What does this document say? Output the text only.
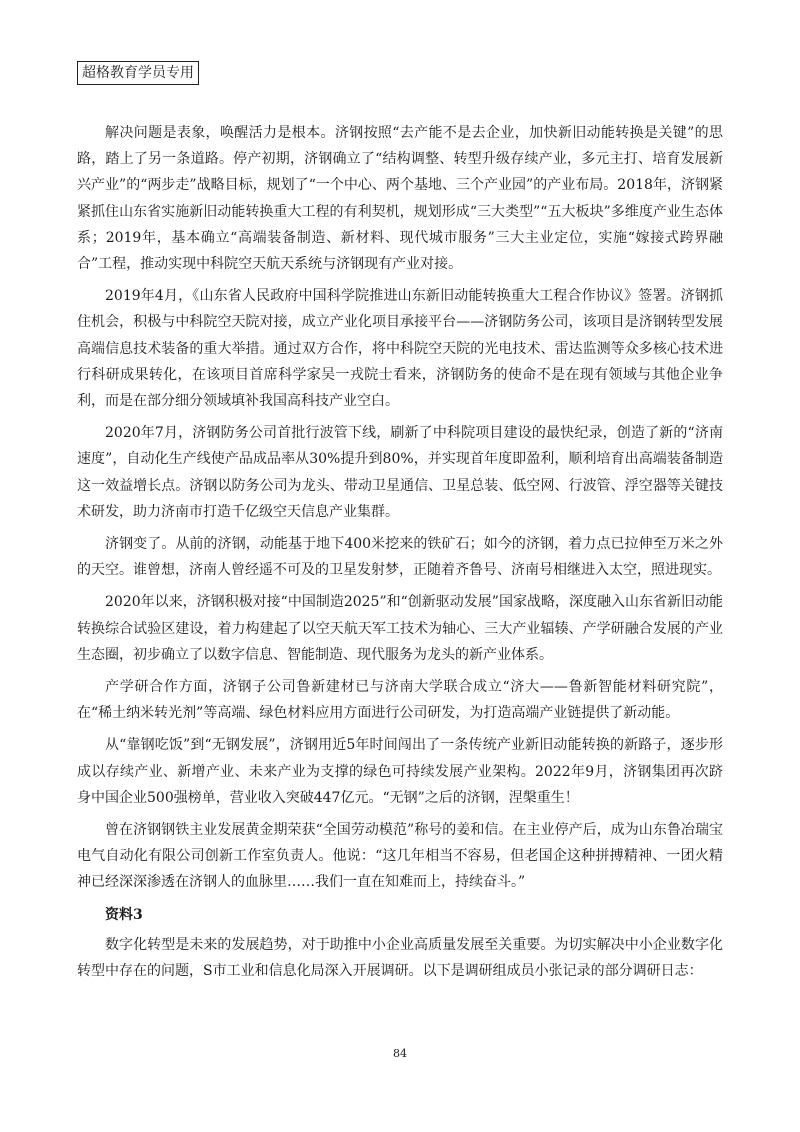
超格教育学员专用

解决问题是表象，唤醒活力是根本。济钢按照“去产能不是去企业，加快新旧动能转换是关键”的思路，踏上了另一条道路。停产初期，济钢确立了“结构调整、转型升级存续产业，多元主打、培育发展新兴产业”的“两步走”战略目标，规划了“一个中心、两个基地、三个产业园”的产业布局。2018年，济钢紧紧抓住山东省实施新旧动能转换重大工程的有利契机，规划形成“三大类型”“五大板块”多维度产业生态体系；2019年，基本确立“高端装备制造、新材料、现代城市服务”三大主业定位，实施“嫁接式跨界融合”工程，推动实现中科院空天航天系统与济钢现有产业对接。

2019年4月，《山东省人民政府中国科学院推进山东新旧动能转换重大工程合作协议》签署。济钢抓住机会，积极与中科院空天院对接，成立产业化项目承接平台——济钢防务公司，该项目是济钢转型发展高端信息技术装备的重大举措。通过双方合作，将中科院空天院的光电技术、雷达监测等众多核心技术进行科研成果转化，在该项目首席科学家吴一戎院士看来，济钢防务的使命不是在现有领域与其他企业争利，而是在部分细分领域填补我国高科技产业空白。

2020年7月，济钢防务公司首批行波管下线，刷新了中科院项目建设的最快纪录，创造了新的“济南速度”，自动化生产线使产品成品率从30%提升到80%，并实现首年度即盈利，顺利培育出高端装备制造这一效益增长点。济钢以防务公司为龙头、带动卫星通信、卫星总装、低空网、行波管、浮空器等关键技术研发，助力济南市打造千亿级空天信息产业集群。

济钢变了。从前的济钢，动能基于地下400米挖来的铁矿石；如今的济钢，着力点已拉伸至万米之外的天空。谁曾想，济南人曾经遥不可及的卫星发射梦，正随着齐鲁号、济南号相继进入太空，照进现实。

2020年以来，济钢积极对接“中国制造2025”和“创新驱动发展”国家战略，深度融入山东省新旧动能转换综合试验区建设，着力构建起了以空天航天军工技术为轴心、三大产业辐辏、产学研融合发展的产业生态圈，初步确立了以数字信息、智能制造、现代服务为龙头的新产业体系。

产学研合作方面，济钢子公司鲁新建材已与济南大学联合成立“济大——鲁新智能材料研究院”，在“稀土纳米转光剂”等高端、绿色材料应用方面进行公司研发，为打造高端产业链提供了新动能。

从“靠钢吃饭”到“无钢发展”，济钢用近5年时间闯出了一条传统产业新旧动能转换的新路子，逐步形成以存续产业、新增产业、未来产业为支撑的绿色可持续发展产业架构。2022年9月，济钢集团再次跻身中国企业500强榜单，营业收入突破447亿元。“无钢”之后的济钢，涅槃重生！

曾在济钢钢铁主业发展黄金期荣获“全国劳动模范”称号的姜和信。在主业停产后，成为山东鲁冶瑞宝电气自动化有限公司创新工作室负责人。他说：“这几年相当不容易，但老国企这种拼搏精神、一团火精神已经深深渗透在济钢人的血脉里……我们一直在知难而上，持续奋斗。”

资料3

数字化转型是未来的发展趋势，对于助推中小企业高质量发展至关重要。为切实解决中小企业数字化转型中存在的问题，S市工业和信息化局深入开展调研。以下是调研组成员小张记录的部分调研日志：

84
